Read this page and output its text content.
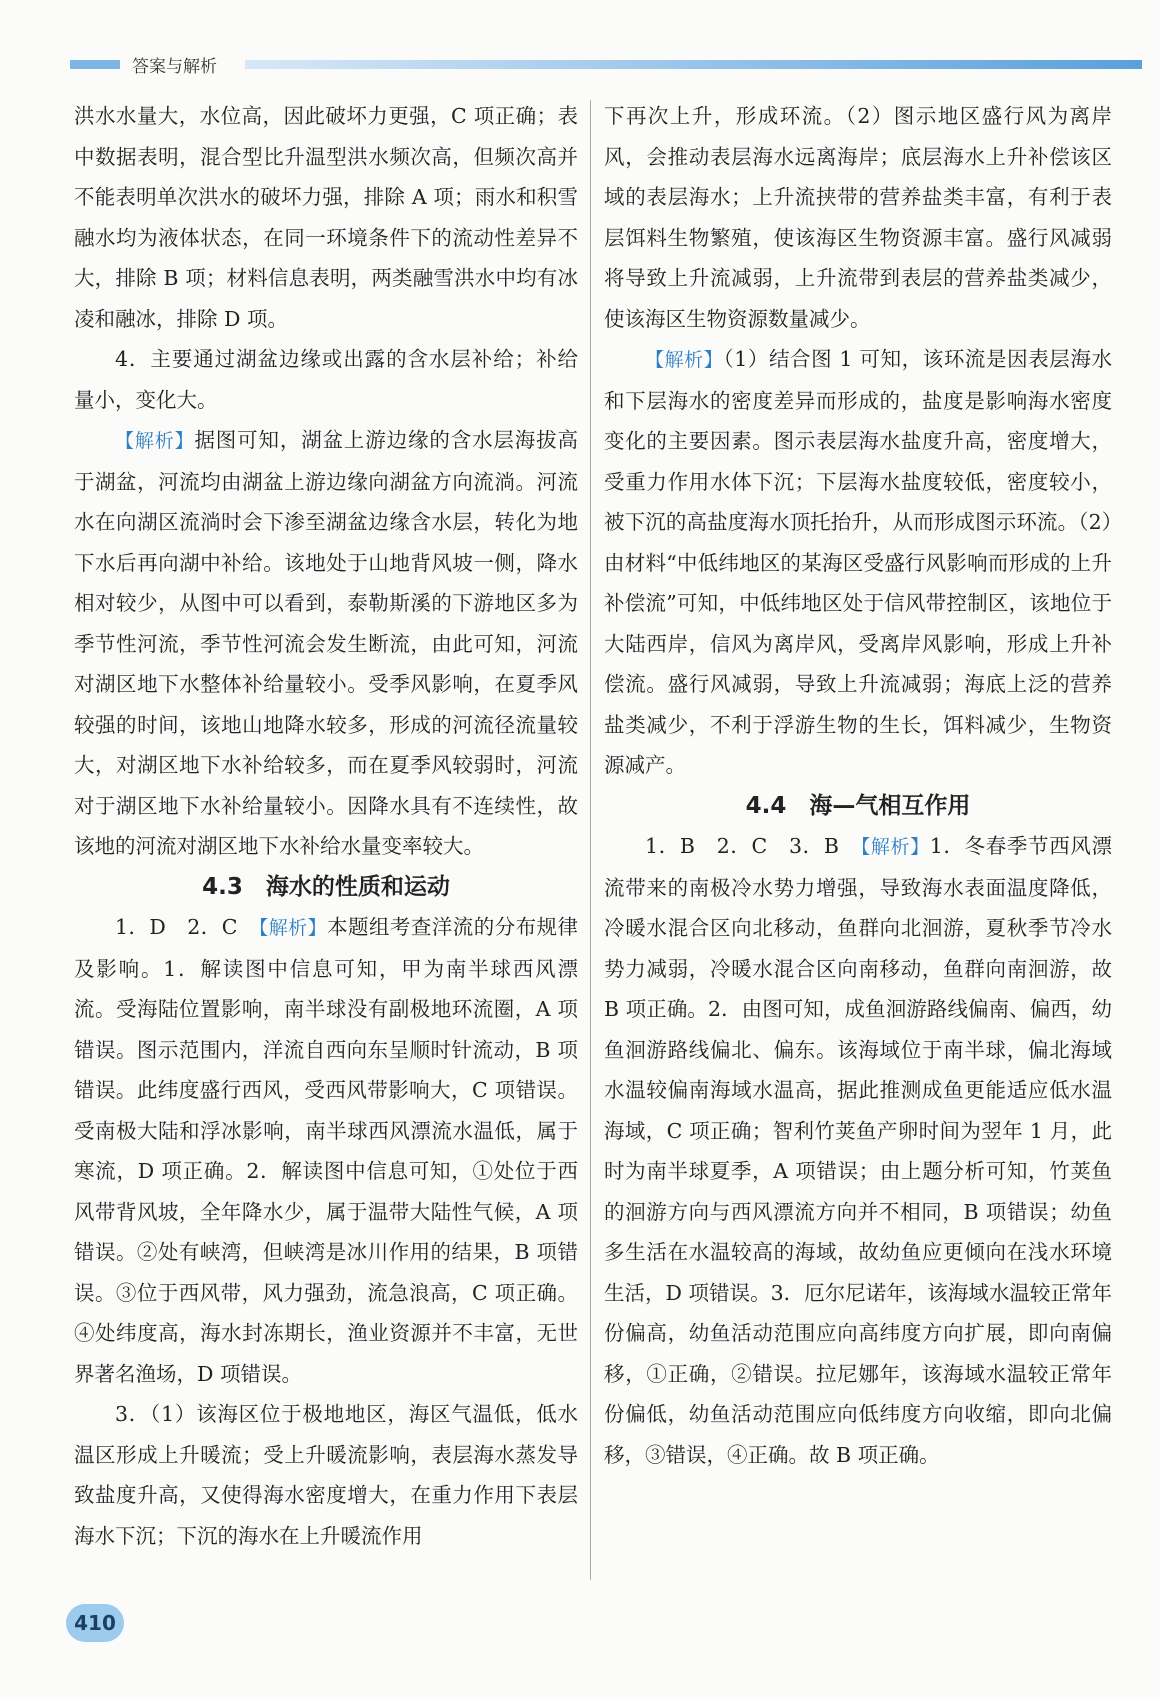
答案与解析

洪水水量大，水位高，因此破坏力更强，C 项正确；表中数据表明，混合型比升温型洪水频次高，但频次高并不能表明单次洪水的破坏力强，排除 A 项；雨水和积雪融水均为液体状态，在同一环境条件下的流动性差异不大，排除 B 项；材料信息表明，两类融雪洪水中均有冰凌和融冰，排除 D 项。

4．主要通过湖盆边缘或出露的含水层补给；补给量小，变化大。

【解析】据图可知，湖盆上游边缘的含水层海拔高于湖盆，河流均由湖盆上游边缘向湖盆方向流淌。河流水在向湖区流淌时会下渗至湖盆边缘含水层，转化为地下水后再向湖中补给。该地处于山地背风坡一侧，降水相对较少，从图中可以看到，泰勒斯溪的下游地区多为季节性河流，季节性河流会发生断流，由此可知，河流对湖区地下水整体补给量较小。受季风影响，在夏季风较强的时间，该地山地降水较多，形成的河流径流量较大，对湖区地下水补给较多，而在夏季风较弱时，河流对于湖区地下水补给量较小。因降水具有不连续性，故该地的河流对湖区地下水补给水量变率较大。

4.3　海水的性质和运动

1．D　2．C　【解析】本题组考查洋流的分布规律及影响。1．解读图中信息可知，甲为南半球西风漂流。受海陆位置影响，南半球没有副极地环流圈，A 项错误。图示范围内，洋流自西向东呈顺时针流动，B 项错误。此纬度盛行西风，受西风带影响大，C 项错误。受南极大陆和浮冰影响，南半球西风漂流水温低，属于寒流，D 项正确。2．解读图中信息可知，①处位于西风带背风坡，全年降水少，属于温带大陆性气候，A 项错误。②处有峡湾，但峡湾是冰川作用的结果，B 项错误。③位于西风带，风力强劲，流急浪高，C 项正确。④处纬度高，海水封冻期长，渔业资源并不丰富，无世界著名渔场，D 项错误。

3．（1）该海区位于极地地区，海区气温低，低水温区形成上升暖流；受上升暖流影响，表层海水蒸发导致盐度升高，又使得海水密度增大，在重力作用下表层海水下沉；下沉的海水在上升暖流作用

下再次上升，形成环流。（2）图示地区盛行风为离岸风，会推动表层海水远离海岸；底层海水上升补偿该区域的表层海水；上升流挟带的营养盐类丰富，有利于表层饵料生物繁殖，使该海区生物资源丰富。盛行风减弱将导致上升流减弱，上升流带到表层的营养盐类减少，使该海区生物资源数量减少。

【解析】（1）结合图 1 可知，该环流是因表层海水和下层海水的密度差异而形成的，盐度是影响海水密度变化的主要因素。图示表层海水盐度升高，密度增大，受重力作用水体下沉；下层海水盐度较低，密度较小，被下沉的高盐度海水顶托抬升，从而形成图示环流。（2）由材料“中低纬地区的某海区受盛行风影响而形成的上升补偿流”可知，中低纬地区处于信风带控制区，该地位于大陆西岸，信风为离岸风，受离岸风影响，形成上升补偿流。盛行风减弱，导致上升流减弱；海底上泛的营养盐类减少，不利于浮游生物的生长，饵料减少，生物资源减产。

4.4　海—气相互作用

1．B　2．C　3．B　【解析】1．冬春季节西风漂流带来的南极冷水势力增强，导致海水表面温度降低，冷暖水混合区向北移动，鱼群向北洄游，夏秋季节冷水势力减弱，冷暖水混合区向南移动，鱼群向南洄游，故 B 项正确。2．由图可知，成鱼洄游路线偏南、偏西，幼鱼洄游路线偏北、偏东。该海域位于南半球，偏北海域水温较偏南海域水温高，据此推测成鱼更能适应低水温海域，C 项正确；智利竹荚鱼产卵时间为翌年 1 月，此时为南半球夏季，A 项错误；由上题分析可知，竹荚鱼的洄游方向与西风漂流方向并不相同，B 项错误；幼鱼多生活在水温较高的海域，故幼鱼应更倾向在浅水环境生活，D 项错误。3．厄尔尼诺年，该海域水温较正常年份偏高，幼鱼活动范围应向高纬度方向扩展，即向南偏移，①正确，②错误。拉尼娜年，该海域水温较正常年份偏低，幼鱼活动范围应向低纬度方向收缩，即向北偏移，③错误，④正确。故 B 项正确。

410
